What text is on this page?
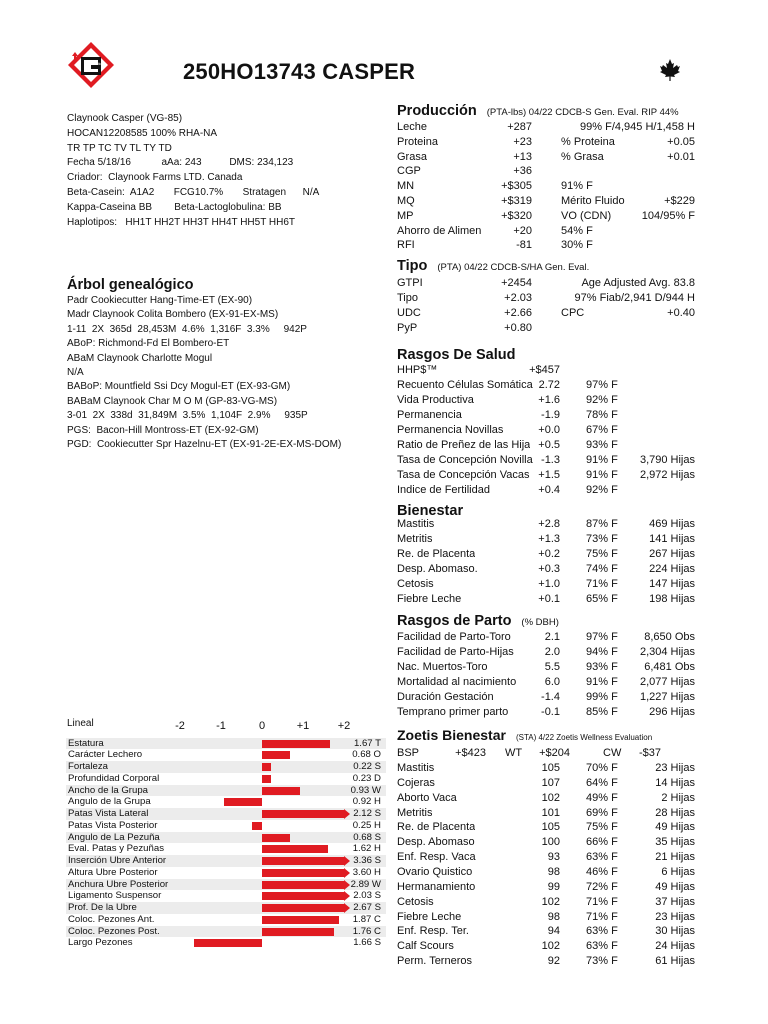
GenerVations	250HO13743 CASPER
Claynook Casper (VG-85)
HOCAN12208585 100% RHA-NA
TR TP TC TV TL TY TD
Fecha 5/18/16           aAa: 243          DMS: 234,123
Criador:  Claynook Farms LTD. Canada
Beta-Casein:  A1A2       FCG10.7%       Stratagen      N/A
Kappa-Caseina BB        Beta-Lactoglobulina: BB
Haplotipos:   HH1T HH2T HH3T HH4T HH5T HH6T
Árbol genealógico
Padr Cookiecutter Hang-Time-ET (EX-90)
Madr Claynook Colita Bombero (EX-91-EX-MS)
1-11  2X  365d  28,453M  4.6%  1,316F  3.3%     942P
ABoP: Richmond-Fd El Bombero-ET
ABaM Claynook Charlotte Mogul
N/A
BABoP: Mountfield Ssi Dcy Mogul-ET (EX-93-GM)
BABaM Claynook Char M O M (GP-83-VG-MS)
3-01  2X  338d  31,849M  3.5%  1,104F  2.9%     935P
PGS:  Bacon-Hill Montross-ET (EX-92-GM)
PGD:  Cookiecutter Spr Hazelnu-ET (EX-91-2E-EX-MS-DOM)
Producción (PTA-lbs) 04/22 CDCB-S Gen. Eval. RIP 44%
Leche	+287	99% F/4,945 H/1,458 H
Proteina	+23	% Proteina	+0.05
Grasa	+13	% Grasa	+0.01
CGP	+36
MN	+$305	91% F
MQ	+$319	Mérito Fluido	+$229
MP	+$320	VO (CDN)	104/95% F
Ahorro de Alimen	+20	54% F
RFI	-81	30% F
Tipo (PTA) 04/22 CDCB-S/HA Gen. Eval.
GTPI	+2454	Age Adjusted Avg. 83.8
Tipo	+2.03	97% Fiab/2,941 D/944 H
UDC	+2.66	CPC	+0.40
PyP	+0.80
Rasgos De Salud
HHP$™	+$457
Recuento Células Somática 2.72 97% F
Vida Productiva	+1.6 92% F
Permanencia	-1.9 78% F
Permanencia Novillas	+0.0 67% F
Ratio de Preñez de las Hija +0.5 93% F
Tasa de Concepción Novilla -1.3 91% F 3,790 Hijas
Tasa de Concepción Vacas +1.5 91% F 2,972 Hijas
Indice de Fertilidad	+0.4 92% F
Bienestar
Mastitis	+2.8 87% F	469 Hijas
Metritis	+1.3 73% F	141 Hijas
Re. de Placenta	+0.2 75% F	267 Hijas
Desp. Abomaso.	+0.3 74% F	224 Hijas
Cetosis	+1.0 71% F	147 Hijas
Fiebre Leche	+0.1 65% F	198 Hijas
Rasgos de Parto (% DBH)
Facilidad de Parto-Toro	2.1 97% F 8,650 Obs
Facilidad de Parto-Hijas	2.0 94% F 2,304 Hijas
Nac. Muertos-Toro	5.5 93% F 6,481 Obs
Mortalidad al nacimiento	6.0 91% F 2,077 Hijas
Duración Gestación	-1.4 99% F 1,227 Hijas
Temprano primer parto	-0.1 85% F	296 Hijas
Zoetis Bienestar (STA) 4/22 Zoetis Wellness Evaluation
Mastitis	105 70% F	23 Hijas
Cojeras	107 64% F	14 Hijas
Aborto Vaca	102 49% F	2 Hijas
Metritis	101 69% F	28 Hijas
Re. de Placenta	105 75% F	49 Hijas
Desp. Abomaso	100 66% F	35 Hijas
Enf. Resp. Vaca	93 63% F	21 Hijas
Ovario Quistico	98 46% F	6 Hijas
Hermanamiento	99 72% F	49 Hijas
Cetosis	102 71% F	37 Hijas
Fiebre Leche	98 71% F	23 Hijas
Enf. Resp. Ter.	94 63% F	30 Hijas
Calf Scours	102 63% F	24 Hijas
Perm. Terneros	92 73% F	61 Hijas
BSP	+$423 WT +$204	CW -$37
Lineal	-2	-1	0	+1	+2
Estatura	1.67 T
Carácter Lechero	0.68 O
Fortaleza	0.22 S
Profundidad Corporal	0.23 D
Ancho de la Grupa	0.93 W
Angulo de la Grupa	0.92 H
Patas Vista Lateral	2.12 S
Patas Vista Posterior	0.25 H
Angulo de La Pezuña	0.68 S
Eval. Patas y Pezuñas	1.62 H
Inserción Ubre Anterior	3.36 S
Altura Ubre Posterior	3.60 H
Anchura Ubre Posterior	2.89 W
Ligamento Suspensor	2.03 S
Prof. De la Ubre	2.67 S
Coloc. Pezones Ant.	1.87 C
Coloc. Pezones Post.	1.76 C
Largo Pezones	1.66 S
